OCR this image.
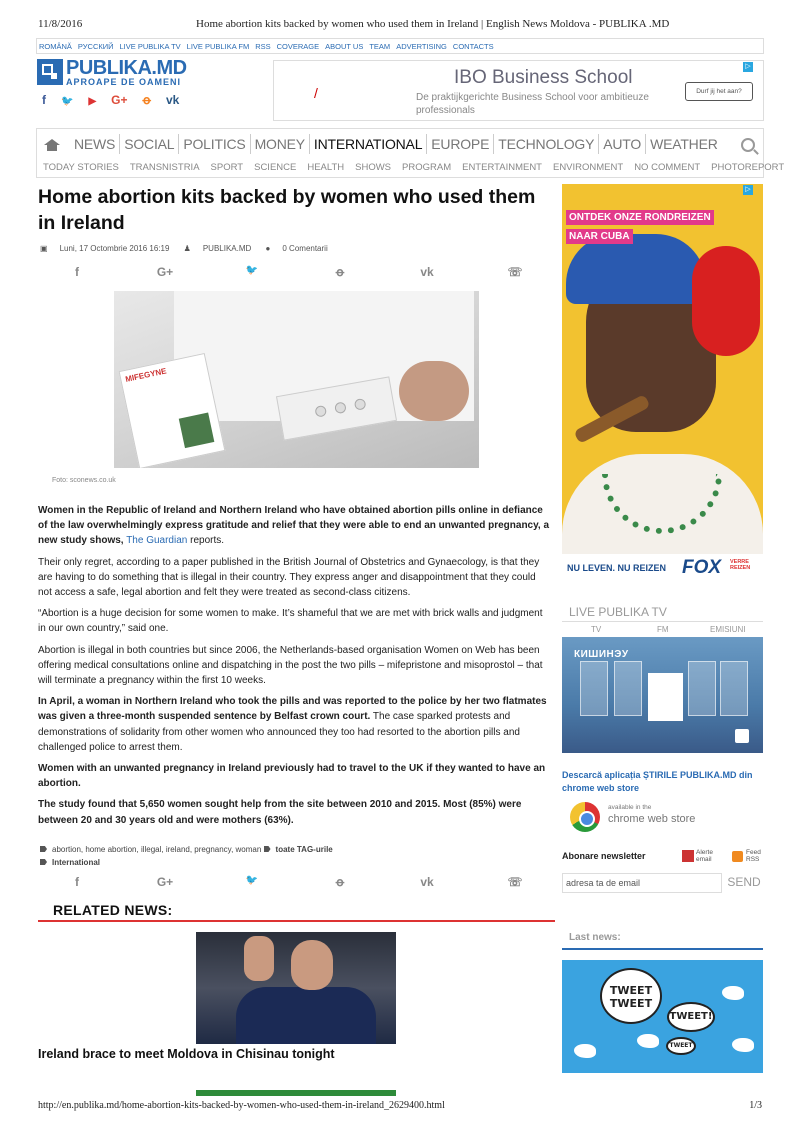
11/8/2016	Home abortion kits backed by women who used them in Ireland | English News Moldova - PUBLIKA .MD
ROMÂNĂ РУССКИЙ LIVE PUBLIKA TV LIVE PUBLIKA FM RSS COVERAGE ABOUT US TEAM ADVERTISING CONTACTS
PUBLIKA.MD
APROAPE DE OAMENI
f 🐦 ▶ G+ ꝋ vk	/
IBO Business School
De praktijkgerichte Business School voor ambitieuze professionals
Durf jij het aan?
▷
NEWS SOCIAL POLITICS MONEY INTERNATIONAL EUROPE TECHNOLOGY AUTO WEATHER
TODAY STORIES TRANSNISTRIA SPORT SCIENCE HEALTH SHOWS PROGRAM ENTERTAINMENT ENVIRONMENT NO COMMENT PHOTOREPORT
Home abortion kits backed by women who used them in Ireland
▣ Luni, 17 Octombrie 2016 16:19 ♟ PUBLIKA.MD ● 0 Comentarii
f	G+	🐦	ꝋ	vk	☏
MIFEGYNE
Foto: sconews.co.uk

Women in the Republic of Ireland and Northern Ireland who have obtained abortion pills online in defiance of the law overwhelmingly express gratitude and relief that they were able to end an unwanted pregnancy, a new study shows, The Guardian reports.

Their only regret, according to a paper published in the British Journal of Obstetrics and Gynaecology, is that they are having to do something that is illegal in their country. They express anger and disappointment that they could not access a safe, legal abortion and felt they were treated as second-class citizens.

“Abortion is a huge decision for some women to make. It’s shameful that we are met with brick walls and judgment in our own country,” said one.

Abortion is illegal in both countries but since 2006, the Netherlands-based organisation Women on Web has been offering medical consultations online and dispatching in the post the two pills – mifepristone and misoprostol – that will terminate a pregnancy within the first 10 weeks.

In April, a woman in Northern Ireland who took the pills and was reported to the police by her two flatmates was given a three-month suspended sentence by Belfast crown court. The case sparked protests and demonstrations of solidarity from other women who announced they too had resorted to the abortion pills and challenged police to arrest them.

Women with an unwanted pregnancy in Ireland previously had to travel to the UK if they wanted to have an abortion.

The study found that 5,650 women sought help from the site between 2010 and 2015. Most (85%) were between 20 and 30 years old and were mothers (63%).

abortion, home abortion, illegal, ireland, pregnancy, woman toate TAG-urile
International
f	G+	🐦	ꝋ	vk	☏
RELATED NEWS:
Ireland brace to meet Moldova in Chisinau tonight
ONTDEK ONZE RONDREIZEN
NAAR CUBA
▷
NU LEVEN. NU REIZEN FOX VERRE REIZEN
LIVE PUBLIKA TV
TV	FM	EMISIUNI
КИШИНЭУ
Descarcă aplicația ȘTIRILE PUBLIKA.MD din chrome web store
available in the
chrome web store
Abonare newsletter	Alerte email
Feed RSS
adresa ta de email	SEND
Last news:
TWEET TWEET
TWEET!
TWEET
http://en.publika.md/home-abortion-kits-backed-by-women-who-used-them-in-ireland_2629400.html	1/3
